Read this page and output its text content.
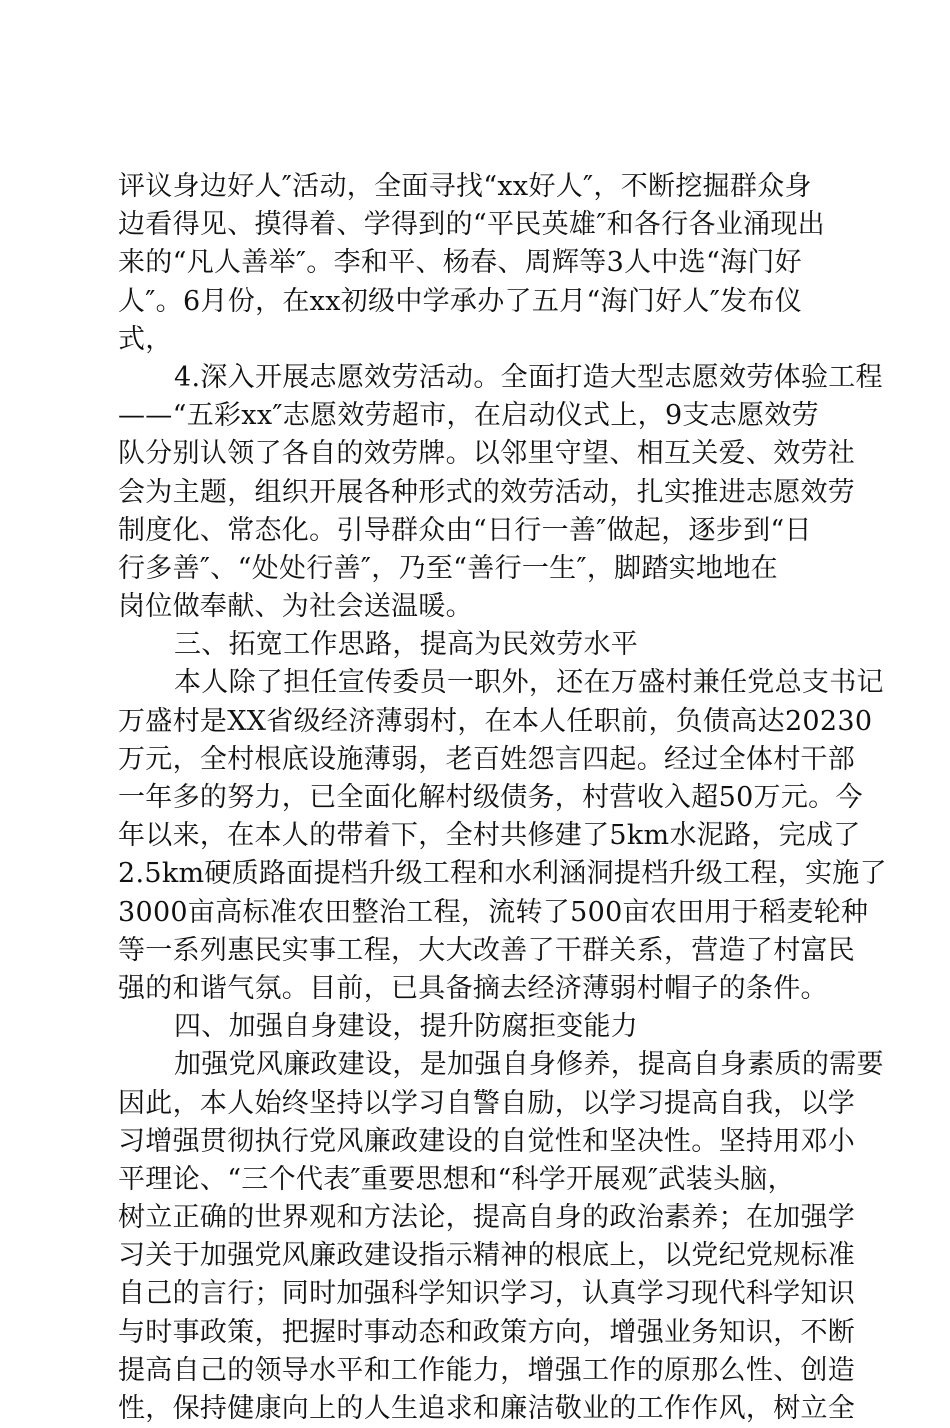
评议身边好人″活动，全面寻找“xx好人″，不断挖掘群众身
边看得见、摸得着、学得到的“平民英雄″和各行各业涌现出
来的“凡人善举″。李和平、杨春、周辉等3人中选“海门好
人″。6月份，在xx初级中学承办了五月“海门好人″发布仪
式，
4.深入开展志愿效劳活动。全面打造大型志愿效劳体验工程
——“五彩xx″志愿效劳超市，在启动仪式上，9支志愿效劳
队分别认领了各自的效劳牌。以邻里守望、相互关爱、效劳社
会为主题，组织开展各种形式的效劳活动，扎实推进志愿效劳
制度化、常态化。引导群众由“日行一善″做起，逐步到“日
行多善″、“处处行善″，乃至“善行一生″，脚踏实地地在
岗位做奉献、为社会送温暖。
三、拓宽工作思路，提高为民效劳水平
本人除了担任宣传委员一职外，还在万盛村兼任党总支书记
万盛村是XX省级经济薄弱村，在本人任职前，负债高达20230
万元，全村根底设施薄弱，老百姓怨言四起。经过全体村干部
一年多的努力，已全面化解村级债务，村营收入超50万元。今
年以来，在本人的带着下，全村共修建了5km水泥路，完成了
2.5km硬质路面提档升级工程和水利涵洞提档升级工程，实施了
3000亩高标准农田整治工程，流转了500亩农田用于稻麦轮种
等一系列惠民实事工程，大大改善了干群关系，营造了村富民
强的和谐气氛。目前，已具备摘去经济薄弱村帽子的条件。
四、加强自身建设，提升防腐拒变能力
加强党风廉政建设，是加强自身修养，提高自身素质的需要
因此，本人始终坚持以学习自警自励，以学习提高自我，以学
习增强贯彻执行党风廉政建设的自觉性和坚决性。坚持用邓小
平理论、“三个代表″重要思想和“科学开展观″武装头脑，
树立正确的世界观和方法论，提高自身的政治素养；在加强学
习关于加强党风廉政建设指示精神的根底上，以党纪党规标准
自己的言行；同时加强科学知识学习，认真学习现代科学知识
与时事政策，把握时事动态和政策方向，增强业务知识，不断
提高自己的领导水平和工作能力，增强工作的原那么性、创造
性，保持健康向上的人生追求和廉洁敬业的工作作风，树立全
